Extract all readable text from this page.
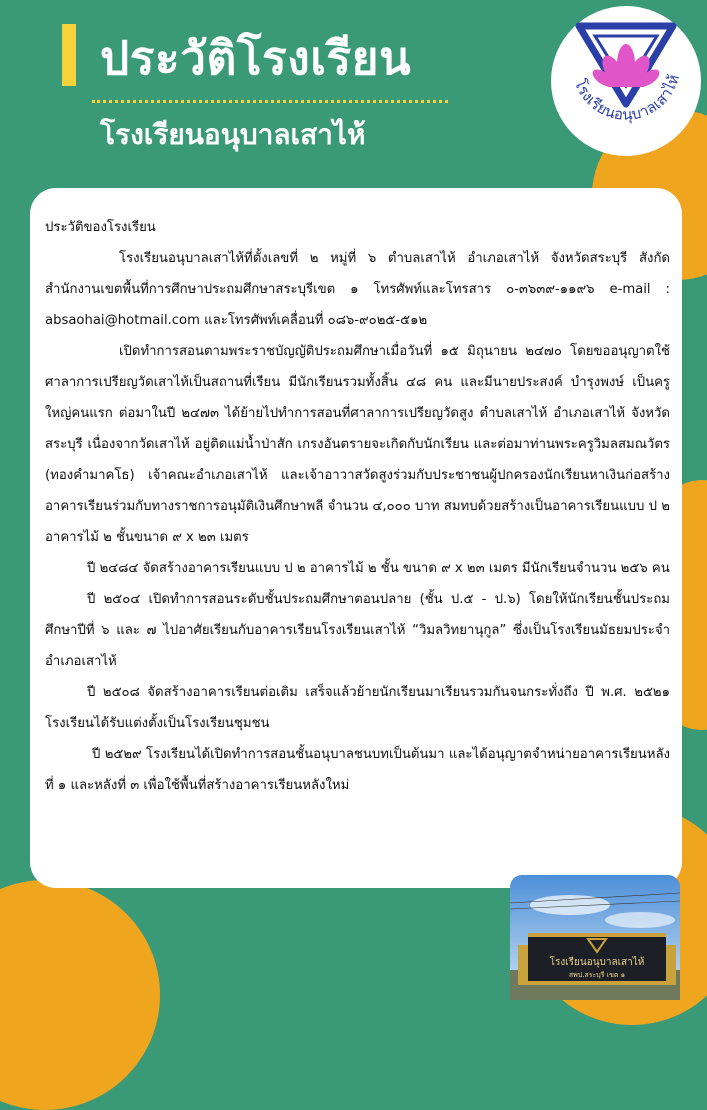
ประวัติโรงเรียน
โรงเรียนอนุบาลเสาไห้
โรงเรียนอนุบาลเสาไห้

ประวัติของโรงเรียน

โรงเรียนอนุบาลเสาไห้ที่ตั้งเลขที่ ๒ หมู่ที่ ๖ ตำบลเสาไห้ อำเภอเสาไห้ จังหวัดสระบุรี สังกัดสำนักงานเขตพื้นที่การศึกษาประถมศึกษาสระบุรีเขต ๑ โทรศัพท์และโทรสาร ๐-๓๖๓๙-๑๑๙๖ e-mail : absaohai@hotmail.com และโทรศัพท์เคลื่อนที่ ๐๘๖-๙๐๒๕-๕๑๒

เปิดทำการสอนตามพระราชบัญญัติประถมศึกษาเมื่อวันที่ ๑๕ มิถุนายน ๒๔๗๐ โดยขออนุญาตใช้ศาลาการเปรียญวัดเสาไห้เป็นสถานที่เรียน มีนักเรียนรวมทั้งสิ้น ๔๘ คน และมีนายประสงค์ บำรุงพงษ์ เป็นครูใหญ่คนแรก ต่อมาในปี ๒๔๗๓ ได้ย้ายไปทำการสอนที่ศาลาการเปรียญวัดสูง ตำบลเสาไห้ อำเภอเสาไห้ จังหวัดสระบุรี เนื่องจากวัดเสาไห้ อยู่ติดแม่น้ำป่าสัก เกรงอันตรายจะเกิดกับนักเรียน และต่อมาท่านพระครูวิมลสมณวัตร (ทองคำมาคโธ) เจ้าคณะอำเภอเสาไห้ และเจ้าอาวาสวัดสูงร่วมกับประชาชนผู้ปกครองนักเรียนหาเงินก่อสร้างอาคารเรียนร่วมกับทางราชการอนุมัติเงินศึกษาพลี จำนวน ๔,๐๐๐ บาท สมทบด้วยสร้างเป็นอาคารเรียนแบบ ป ๒ อาคารไม้ ๒ ชั้นขนาด ๙ x ๒๓ เมตร

ปี ๒๔๘๔ จัดสร้างอาคารเรียนแบบ ป ๒ อาคารไม้ ๒ ชั้น ขนาด ๙ x ๒๓ เมตร มีนักเรียนจำนวน ๒๕๖ คน

ปี ๒๕๐๔ เปิดทำการสอนระดับชั้นประถมศึกษาตอนปลาย (ชั้น ป.๕ - ป.๖) โดยให้นักเรียนชั้นประถมศึกษาปีที่ ๖ และ ๗ ไปอาศัยเรียนกับอาคารเรียนโรงเรียนเสาไห้ “วิมลวิทยานุกูล” ซึ่งเป็นโรงเรียนมัธยมประจำอำเภอเสาไห้

ปี ๒๕๐๘ จัดสร้างอาคารเรียนต่อเติม เสร็จแล้วย้ายนักเรียนมาเรียนรวมกันจนกระทั่งถึง ปี พ.ศ. ๒๕๒๑ โรงเรียนได้รับแต่งตั้งเป็นโรงเรียนชุมชน

ปี ๒๕๒๙ โรงเรียนได้เปิดทำการสอนชั้นอนุบาลชนบทเป็นต้นมา และได้อนุญาตจำหน่ายอาคารเรียนหลังที่ ๑ และหลังที่ ๓ เพื่อใช้พื้นที่สร้างอาคารเรียนหลังใหม่

โรงเรียนอนุบาลเสาไห้
สพป.สระบุรี เขต ๑
